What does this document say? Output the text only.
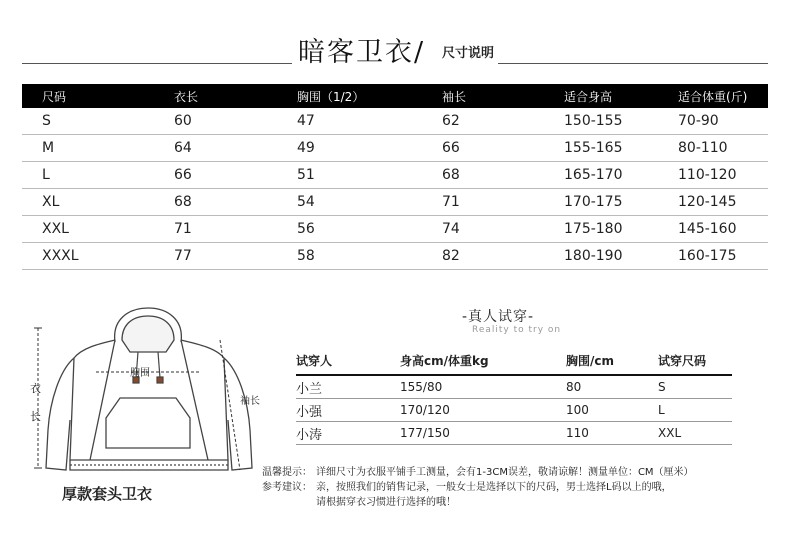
暗客卫衣/ 尺寸说明
尺码	衣长	胸围（1/2）	袖长	适合身高	适合体重(斤)
S	60	47	62	150-155	70-90
M	64	49	66	155-165	80-110
L	66	51	68	165-170	110-120
XL	68	54	71	170-175	120-145
XXL	71	56	74	175-180	145-160
XXXL	77	58	82	180-190	160-175
衣
长
胸围
袖长
厚款套头卫衣
-真人试穿-
Reality to try on
试穿人	身高cm/体重kg	胸围/cm	试穿尺码
小兰	155/80	80	S
小强	170/120	100	L
小涛	177/150	110	XXL
温馨提示： 详细尺寸为衣服平铺手工测量，会有1-3CM误差，敬请谅解！测量单位：CM（厘米）
参考建议： 亲，按照我们的销售记录，一般女士是选择以下的尺码，男士选择L码以上的哦，
请根据穿衣习惯进行选择的哦！
